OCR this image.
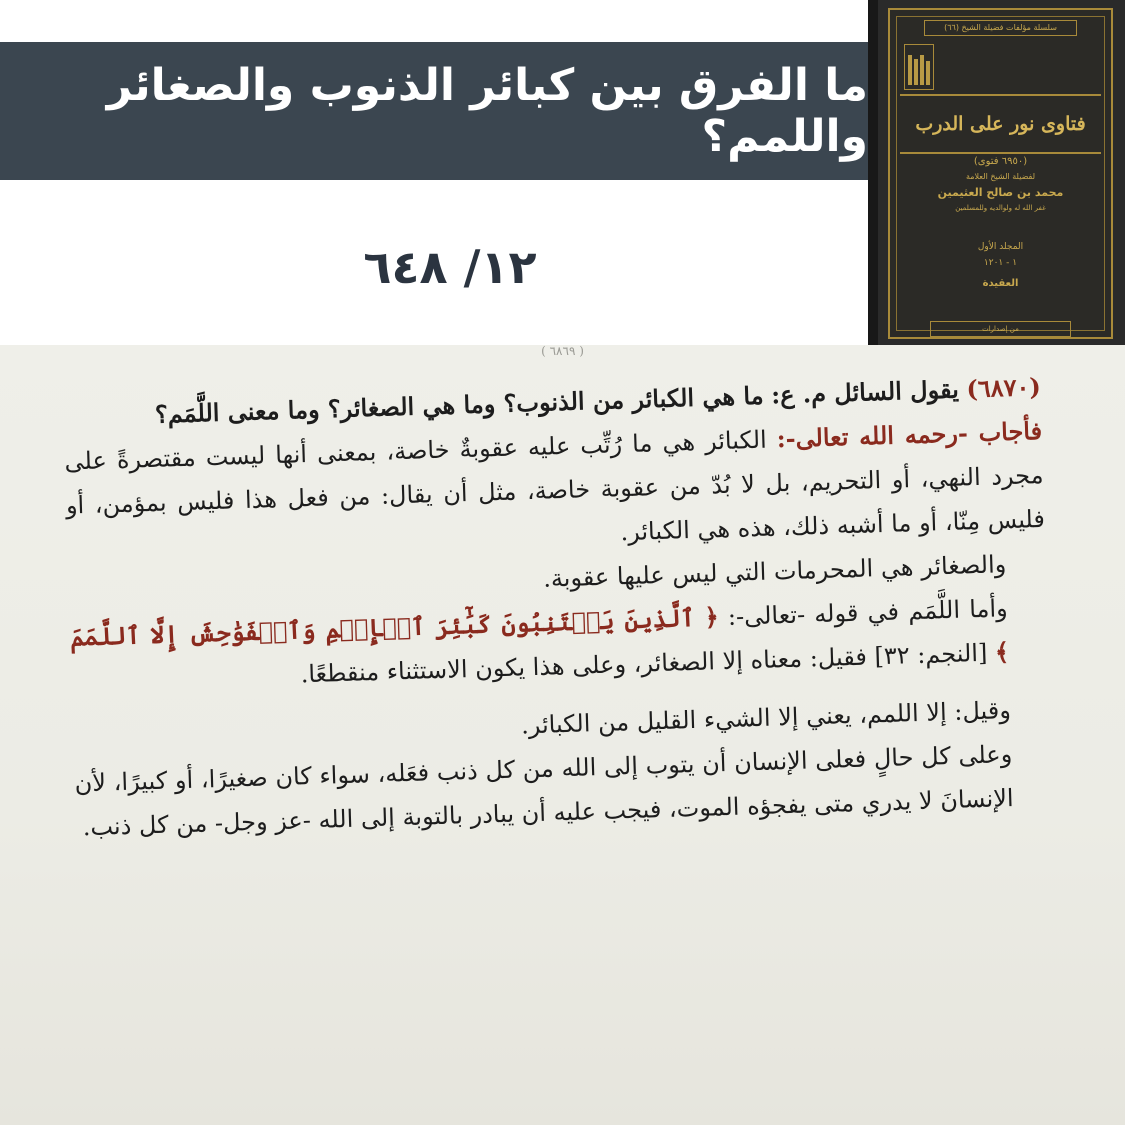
ما الفرق بين كبائر الذنوب والصغائر واللمم؟
١٢/ ٦٤٨
سلسلة مؤلفات فضيلة الشيخ (٦٦)
فتاوى نور على الدرب
(٦٩٥٠ فتوى)
لفضيلة الشيخ العلامة
محمد بن صالح العثيمين
غفر الله له ولوالديه وللمسلمين
المجلد الأول
١ - ١٢٠١
العقيدة
من إصدارات
( ٦٨٦٩ )

(٦٨٧٠) يقول السائل م. ع: ما هي الكبائر من الذنوب؟ وما هي الصغائر؟ وما معنى اللَّمَم؟

فأجاب -رحمه الله تعالى-: الكبائر هي ما رُتِّب عليه عقوبةٌ خاصة، بمعنى أنها ليست مقتصرةً على مجرد النهي، أو التحريم، بل لا بُدّ من عقوبة خاصة، مثل أن يقال: من فعل هذا فليس بمؤمن، أو فليس مِنّا، أو ما أشبه ذلك، هذه هي الكبائر.

والصغائر هي المحرمات التي ليس عليها عقوبة.

وأما اللَّمَم في قوله -تعالى-: ﴿ ٱلَّذِينَ يَجۡتَنِبُونَ كَبَٰٓئِرَ ٱلۡإِثۡمِ وَٱلۡفَوَٰحِشَ إِلَّا ٱللَّمَمَ ﴾ [النجم: ٣٢] فقيل: معناه إلا الصغائر، وعلى هذا يكون الاستثناء منقطعًا.

وقيل: إلا اللمم، يعني إلا الشيء القليل من الكبائر.

وعلى كل حالٍ فعلى الإنسان أن يتوب إلى الله من كل ذنب فعَله، سواء كان صغيرًا، أو كبيرًا، لأن الإنسانَ لا يدري متى يفجؤه الموت، فيجب عليه أن يبادر بالتوبة إلى الله -عز وجل- من كل ذنب.
